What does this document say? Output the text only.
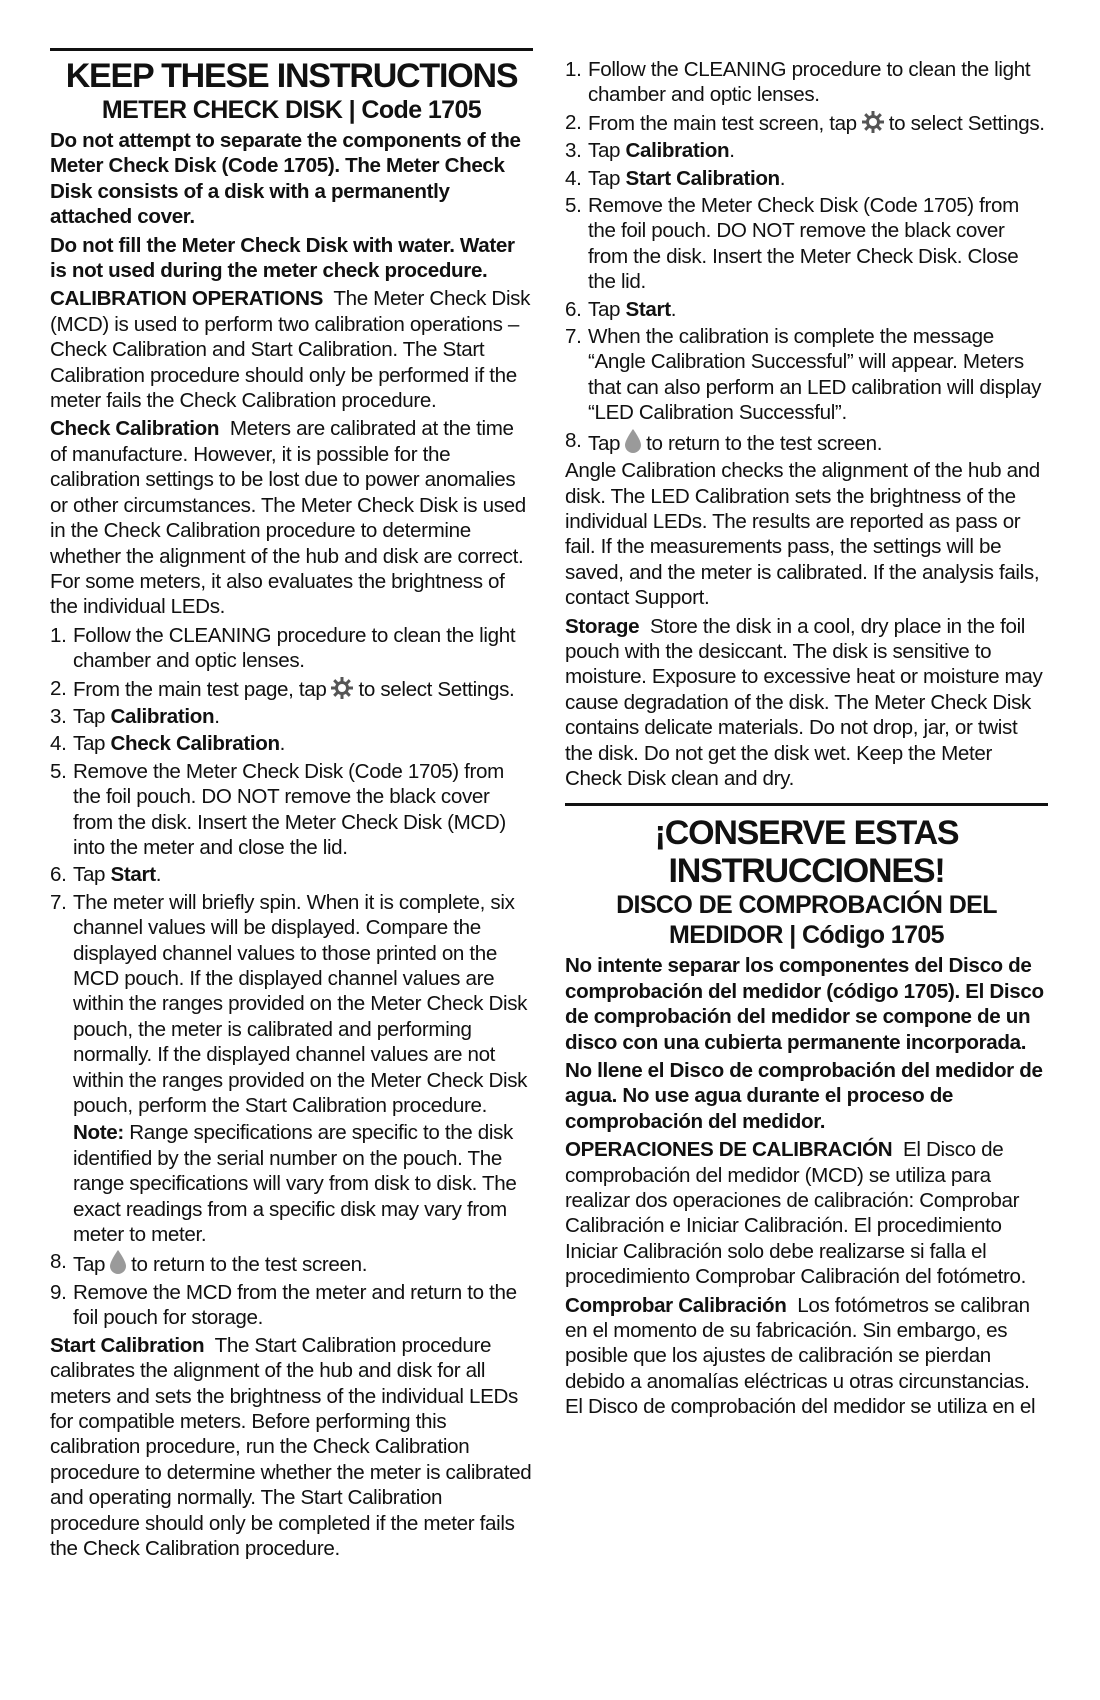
KEEP THESE INSTRUCTIONS
METER CHECK DISK | Code 1705
Do not attempt to separate the components of the Meter Check Disk (Code 1705). The Meter Check Disk consists of a disk with a permanently attached cover.
Do not fill the Meter Check Disk with water. Water is not used during the meter check procedure.
CALIBRATION OPERATIONS The Meter Check Disk (MCD) is used to perform two calibration operations – Check Calibration and Start Calibration. The Start Calibration procedure should only be performed if the meter fails the Check Calibration procedure.
Check Calibration Meters are calibrated at the time of manufacture. However, it is possible for the calibration settings to be lost due to power anomalies or other circumstances. The Meter Check Disk is used in the Check Calibration procedure to determine whether the alignment of the hub and disk are correct. For some meters, it also evaluates the brightness of the individual LEDs.
1. Follow the CLEANING procedure to clean the light chamber and optic lenses.
2. From the main test page, tap to select Settings.
3. Tap Calibration.
4. Tap Check Calibration.
5. Remove the Meter Check Disk (Code 1705) from the foil pouch. DO NOT remove the black cover from the disk. Insert the Meter Check Disk (MCD) into the meter and close the lid.
6. Tap Start.
7. The meter will briefly spin. When it is complete, six channel values will be displayed. Compare the displayed channel values to those printed on the MCD pouch. If the displayed channel values are within the ranges provided on the Meter Check Disk pouch, the meter is calibrated and performing normally. If the displayed channel values are not within the ranges provided on the Meter Check Disk pouch, perform the Start Calibration procedure.
Note: Range specifications are specific to the disk identified by the serial number on the pouch. The range specifications will vary from disk to disk. The exact readings from a specific disk may vary from meter to meter.
8. Tap to return to the test screen.
9. Remove the MCD from the meter and return to the foil pouch for storage.
Start Calibration The Start Calibration procedure calibrates the alignment of the hub and disk for all meters and sets the brightness of the individual LEDs for compatible meters. Before performing this calibration procedure, run the Check Calibration procedure to determine whether the meter is calibrated and operating normally. The Start Calibration procedure should only be completed if the meter fails the Check Calibration procedure.
1. Follow the CLEANING procedure to clean the light chamber and optic lenses.
2. From the main test screen, tap to select Settings.
3. Tap Calibration.
4. Tap Start Calibration.
5. Remove the Meter Check Disk (Code 1705) from the foil pouch. DO NOT remove the black cover from the disk. Insert the Meter Check Disk. Close the lid.
6. Tap Start.
7. When the calibration is complete the message “Angle Calibration Successful” will appear. Meters that can also perform an LED calibration will display “LED Calibration Successful”.
8. Tap to return to the test screen.
Angle Calibration checks the alignment of the hub and disk. The LED Calibration sets the brightness of the individual LEDs. The results are reported as pass or fail. If the measurements pass, the settings will be saved, and the meter is calibrated. If the analysis fails, contact Support.
Storage Store the disk in a cool, dry place in the foil pouch with the desiccant. The disk is sensitive to moisture. Exposure to excessive heat or moisture may cause degradation of the disk. The Meter Check Disk contains delicate materials. Do not drop, jar, or twist the disk. Do not get the disk wet. Keep the Meter Check Disk clean and dry.
¡CONSERVE ESTAS INSTRUCCIONES!
DISCO DE COMPROBACIÓN DEL MEDIDOR | Código 1705
No intente separar los componentes del Disco de comprobación del medidor (código 1705). El Disco de comprobación del medidor se compone de un disco con una cubierta permanente incorporada.
No llene el Disco de comprobación del medidor de agua. No use agua durante el proceso de comprobación del medidor.
OPERACIONES DE CALIBRACIÓN El Disco de comprobación del medidor (MCD) se utiliza para realizar dos operaciones de calibración: Comprobar Calibración e Iniciar Calibración. El procedimiento Iniciar Calibración solo debe realizarse si falla el procedimiento Comprobar Calibración del fotómetro.
Comprobar Calibración Los fotómetros se calibran en el momento de su fabricación. Sin embargo, es posible que los ajustes de calibración se pierdan debido a anomalías eléctricas u otras circunstancias. El Disco de comprobación del medidor se utiliza en el
